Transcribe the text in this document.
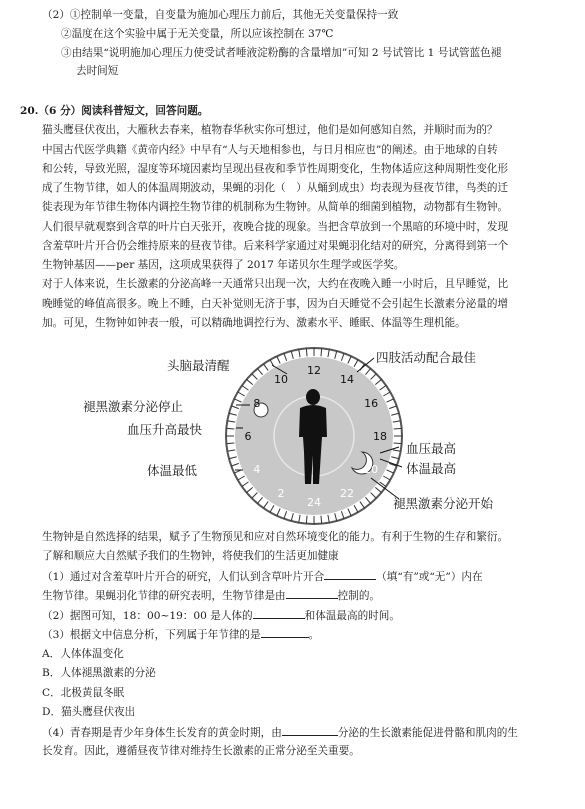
（2）①控制单一变量，自变量为施加心理压力前后，其他无关变量保持一致
②温度在这个实验中属于无关变量，所以应该控制在 37℃
③由结果“说明施加心理压力使受试者唾液淀粉酶的含量增加”可知 2 号试管比 1 号试管蓝色褪
去时间短
20.（6 分）阅读科普短文，回答问题。
猫头鹰昼伏夜出，大雁秋去春来，植物春华秋实你可想过，他们是如何感知自然，并顺时而为的？
中国古代医学典籍《黄帝内经》中早有“人与天地相参也，与日月相应也”的阐述。由于地球的自转
和公转，导致光照，湿度等环境因素均呈现出昼夜和季节性周期变化，生物体适应这种周期性变化形
成了生物节律，如人的体温周期波动，果蝇的羽化（　）从蛹到成虫）均表现为昼夜节律，鸟类的迁
徙表现为年节律生物体内调控生物节律的机制称为生物钟。从简单的细菌到植物，动物都有生物钟。
人们很早就观察到含草的叶片白天张开，夜晚合拢的现象。当把含草放到一个黑暗的环境中时，发现
含羞草叶片开合仍会维持原来的昼夜节律。后来科学家通过对果蝇羽化结对的研究，分离得到第一个
生物钟基因——per 基因，这项成果获得了 2017 年诺贝尔生理学或医学奖。
对于人体来说，生长激素的分泌高峰一天通常只出现一次，大约在夜晚入睡一小时后，且早睡觉，比
晚睡觉的峰值高很多。晚上不睡，白天补觉则无济于事，因为白天睡觉不会引起生长激素分泌量的增
加。可见，生物钟如钟表一般，可以精确地调控行为、激素水平、睡眠、体温等生理机能。
12
14
16
18
20
22
24
2
4
6
8
10
头脑最清醒
四肢活动配合最佳
褪黑激素分泌停止
血压升高最快
体温最低
血压最高
体温最高
褪黑激素分泌开始
生物钟是自然选择的结果，赋予了生物预见和应对自然环境变化的能力。有利于生物的生存和繁衍。
了解和顺应大自然赋予我们的生物钟，将使我们的生活更加健康
（1）通过对含羞草叶片开合的研究，人们认到含草叶片开合	（填“有”或“无”）内在
生物节律。果蝇羽化节律的研究表明，生物节律是由	控制的。
（2）据图可知，18：00~19：00 是人体的	和体温最高的时间。
（3）根据文中信息分析，下列属于年节律的是	。
A．人体体温变化
B．人体褪黑激素的分泌
C．北极黄鼠冬眠
D．猫头鹰昼伏夜出
（4）青春期是青少年身体生长发育的黄金时期，由	分泌的生长激素能促进骨骼和肌肉的生
长发育。因此，遵循昼夜节律对维持生长激素的正常分泌至关重要。
